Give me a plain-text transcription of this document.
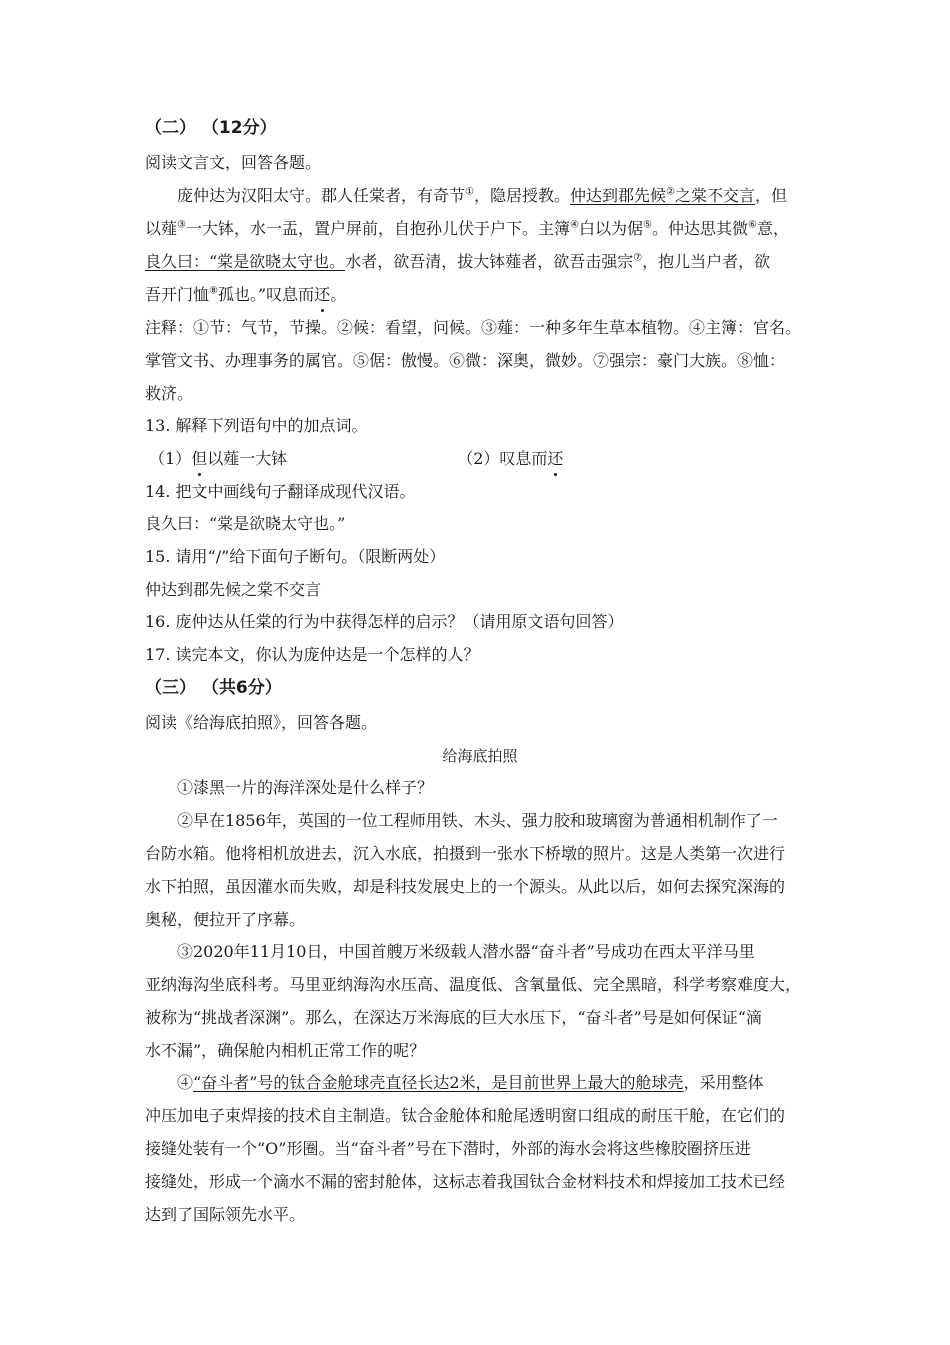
（二） （12分）
阅读文言文，回答各题。
庞仲达为汉阳太守。郡人任棠者，有奇节①，隐居授教。仲达到郡先候②之棠不交言，但
以薤③一大钵，水一盂，置户屏前，自抱孙儿伏于户下。主簿④白以为倨⑤。仲达思其微⑥意，
良久曰：“棠是欲晓太守也。水者，欲吾清，拔大钵薤者，欲吾击强宗⑦，抱儿当户者，欲
吾开门恤⑧孤也。”叹息而还。
注释：①节：气节，节操。②候：看望，问候。③薤：一种多年生草本植物。④主簿：官名。
掌管文书、办理事务的属官。⑤倨：傲慢。⑥微：深奥，微妙。⑦强宗：豪门大族。⑧恤：
救济。
13. 解释下列语句中的加点词。
（1）但以薤一大钵	（2）叹息而还
14. 把文中画线句子翻译成现代汉语。
良久曰：“棠是欲晓太守也。”
15. 请用“/”给下面句子断句。（限断两处）
仲达到郡先候之棠不交言
16. 庞仲达从任棠的行为中获得怎样的启示？（请用原文语句回答）
17. 读完本文，你认为庞仲达是一个怎样的人？
（三） （共6分）
阅读《给海底拍照》，回答各题。
给海底拍照
①漆黑一片的海洋深处是什么样子？
②早在1856年，英国的一位工程师用铁、木头、强力胶和玻璃窗为普通相机制作了一
台防水箱。他将相机放进去，沉入水底，拍摄到一张水下桥墩的照片。这是人类第一次进行
水下拍照，虽因灌水而失败，却是科技发展史上的一个源头。从此以后，如何去探究深海的
奥秘，便拉开了序幕。
③2020年11月10日，中国首艘万米级载人潜水器“奋斗者”号成功在西太平洋马里
亚纳海沟坐底科考。马里亚纳海沟水压高、温度低、含氧量低、完全黑暗，科学考察难度大，
被称为“挑战者深渊”。那么，在深达万米海底的巨大水压下，“奋斗者”号是如何保证“滴
水不漏”，确保舱内相机正常工作的呢？
④“奋斗者”号的钛合金舱球壳直径长达2米，是目前世界上最大的舱球壳，采用整体
冲压加电子束焊接的技术自主制造。钛合金舱体和舱尾透明窗口组成的耐压干舱，在它们的
接缝处装有一个“O”形圈。当“奋斗者”号在下潜时，外部的海水会将这些橡胶圈挤压进
接缝处，形成一个滴水不漏的密封舱体，这标志着我国钛合金材料技术和焊接加工技术已经
达到了国际领先水平。
